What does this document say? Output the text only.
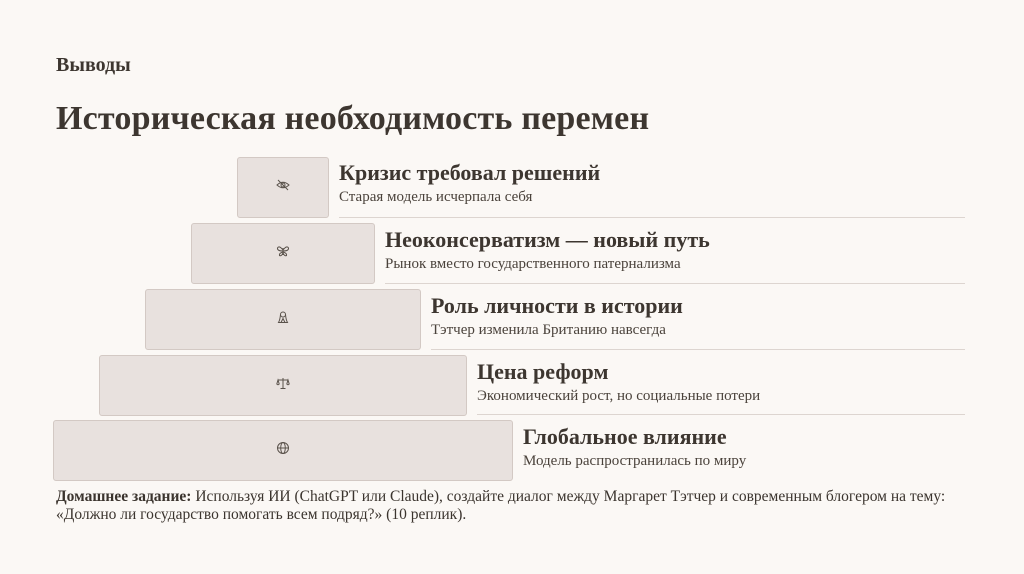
Выводы
Историческая необходимость перемен
Кризис требовал решений
Старая модель исчерпала себя
Неоконсерватизм — новый путь
Рынок вместо государственного патернализма
Роль личности в истории
Тэтчер изменила Британию навсегда
Цена реформ
Экономический рост, но социальные потери
Глобальное влияние
Модель распространилась по миру
Домашнее задание: Используя ИИ (ChatGPT или Claude), создайте диалог между Маргарет Тэтчер и современным блогером на тему: «Должно ли государство помогать всем подряд?» (10 реплик).
